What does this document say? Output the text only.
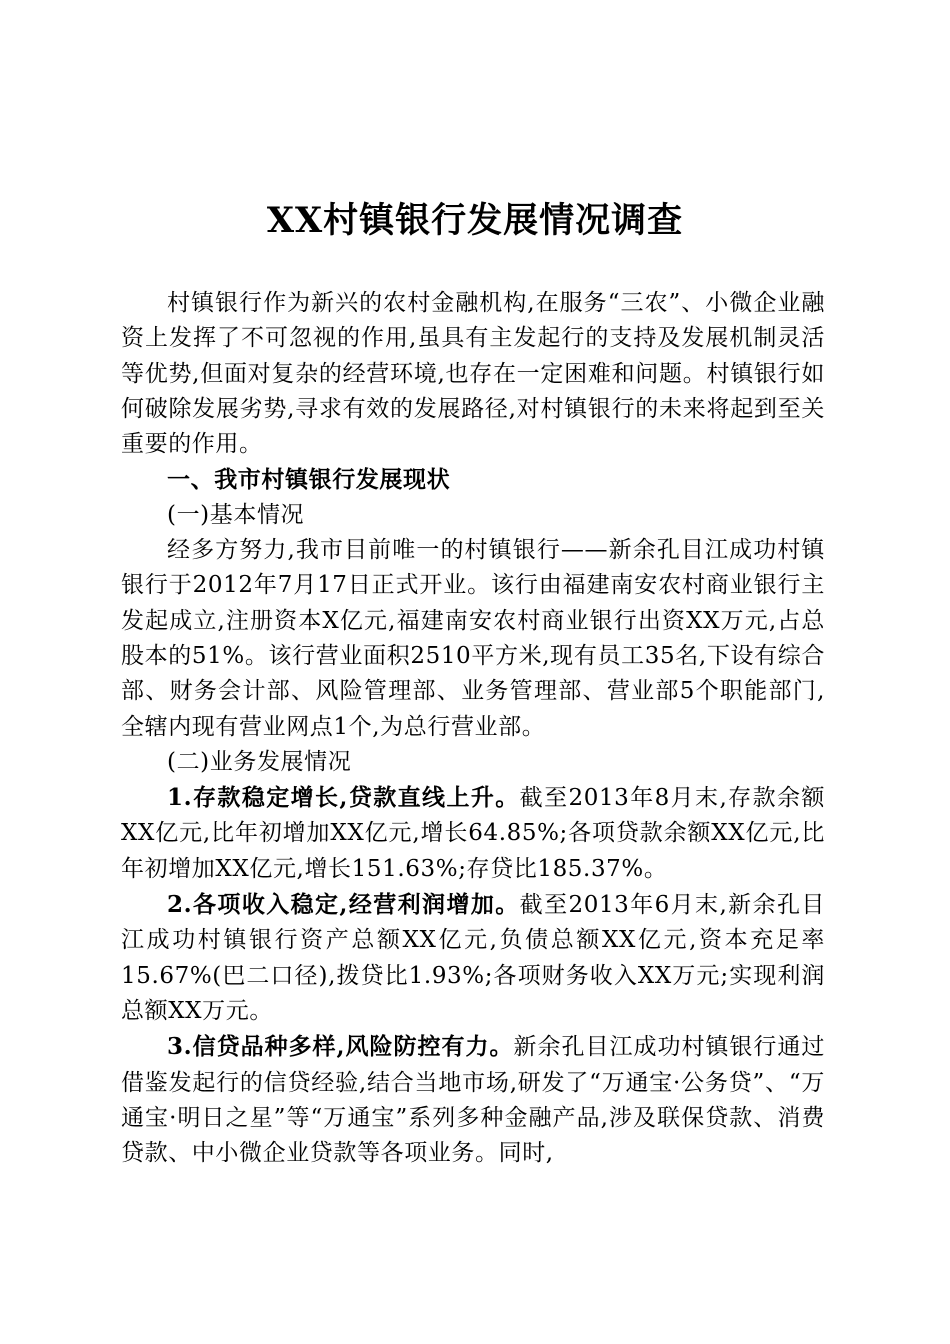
XX村镇银行发展情况调查

村镇银行作为新兴的农村金融机构,在服务“三农”、小微企业融资上发挥了不可忽视的作用,虽具有主发起行的支持及发展机制灵活等优势,但面对复杂的经营环境,也存在一定困难和问题。村镇银行如何破除发展劣势,寻求有效的发展路径,对村镇银行的未来将起到至关重要的作用。

一、我市村镇银行发展现状

(一)基本情况

经多方努力,我市目前唯一的村镇银行——新余孔目江成功村镇银行于2012年7月17日正式开业。该行由福建南安农村商业银行主发起成立,注册资本X亿元,福建南安农村商业银行出资XX万元,占总股本的51%。该行营业面积2510平方米,现有员工35名,下设有综合部、财务会计部、风险管理部、业务管理部、营业部5个职能部门,全辖内现有营业网点1个,为总行营业部。

(二)业务发展情况

1.存款稳定增长,贷款直线上升。截至2013年8月末,存款余额XX亿元,比年初增加XX亿元,增长64.85%;各项贷款余额XX亿元,比年初增加XX亿元,增长151.63%;存贷比185.37%。

2.各项收入稳定,经营利润增加。截至2013年6月末,新余孔目江成功村镇银行资产总额XX亿元,负债总额XX亿元,资本充足率15.67%(巴二口径),拨贷比1.93%;各项财务收入XX万元;实现利润总额XX万元。

3.信贷品种多样,风险防控有力。新余孔目江成功村镇银行通过借鉴发起行的信贷经验,结合当地市场,研发了“万通宝·公务贷”、“万通宝·明日之星”等“万通宝”系列多种金融产品,涉及联保贷款、消费贷款、中小微企业贷款等各项业务。同时,
